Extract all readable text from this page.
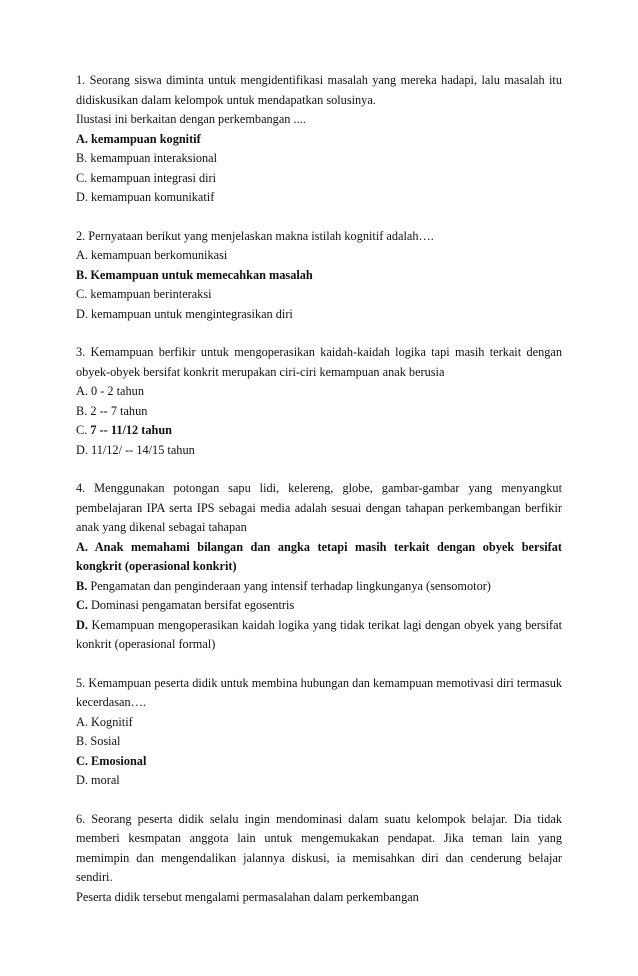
1. Seorang siswa diminta untuk mengidentifikasi masalah yang mereka hadapi, lalu masalah itu didiskusikan dalam kelompok untuk mendapatkan solusinya.
Ilustasi ini berkaitan dengan perkembangan ....
A. kemampuan kognitif
B. kemampuan interaksional
C. kemampuan integrasi diri
D. kemampuan komunikatif
2. Pernyataan berikut yang menjelaskan makna istilah kognitif adalah….
A. kemampuan berkomunikasi
B. Kemampuan untuk memecahkan masalah
C. kemampuan berinteraksi
D. kemampuan untuk mengintegrasikan diri
3. Kemampuan berfikir untuk mengoperasikan kaidah-kaidah logika tapi masih terkait dengan obyek-obyek bersifat konkrit merupakan ciri-ciri kemampuan anak berusia
A. 0 - 2 tahun
B. 2 -- 7 tahun
C. 7 -- 11/12 tahun
D. 11/12/ -- 14/15 tahun
4. Menggunakan potongan sapu lidi, kelereng, globe, gambar-gambar yang menyangkut pembelajaran IPA serta IPS sebagai media adalah sesuai dengan tahapan perkembangan berfikir anak yang dikenal sebagai tahapan
A. Anak memahami bilangan dan angka tetapi masih terkait dengan obyek bersifat kongkrit (operasional konkrit)
B. Pengamatan dan penginderaan yang intensif terhadap lingkunganya (sensomotor)
C. Dominasi pengamatan bersifat egosentris
D. Kemampuan mengoperasikan kaidah logika yang tidak terikat lagi dengan obyek yang bersifat konkrit (operasional formal)
5. Kemampuan peserta didik untuk membina hubungan dan kemampuan memotivasi diri termasuk kecerdasan….
A. Kognitif
B. Sosial
C. Emosional
D. moral
6. Seorang peserta didik selalu ingin mendominasi dalam suatu kelompok belajar. Dia tidak memberi kesmpatan anggota lain untuk mengemukakan pendapat. Jika teman lain yang memimpin dan mengendalikan jalannya diskusi, ia memisahkan diri dan cenderung belajar sendiri.
Peserta didik tersebut mengalami permasalahan dalam perkembangan
